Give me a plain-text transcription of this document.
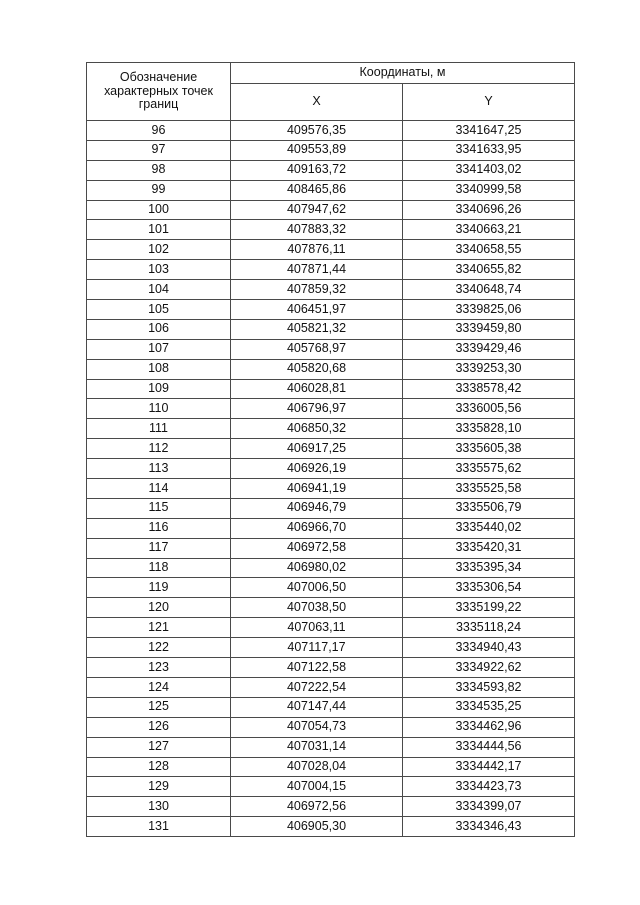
Обозначение характерных точек границ	Координаты, м	
	X	Y
96	409576,35	3341647,25
97	409553,89	3341633,95
98	409163,72	3341403,02
99	408465,86	3340999,58
100	407947,62	3340696,26
101	407883,32	3340663,21
102	407876,11	3340658,55
103	407871,44	3340655,82
104	407859,32	3340648,74
105	406451,97	3339825,06
106	405821,32	3339459,80
107	405768,97	3339429,46
108	405820,68	3339253,30
109	406028,81	3338578,42
110	406796,97	3336005,56
111	406850,32	3335828,10
112	406917,25	3335605,38
113	406926,19	3335575,62
114	406941,19	3335525,58
115	406946,79	3335506,79
116	406966,70	3335440,02
117	406972,58	3335420,31
118	406980,02	3335395,34
119	407006,50	3335306,54
120	407038,50	3335199,22
121	407063,11	3335118,24
122	407117,17	3334940,43
123	407122,58	3334922,62
124	407222,54	3334593,82
125	407147,44	3334535,25
126	407054,73	3334462,96
127	407031,14	3334444,56
128	407028,04	3334442,17
129	407004,15	3334423,73
130	406972,56	3334399,07
131	406905,30	3334346,43
